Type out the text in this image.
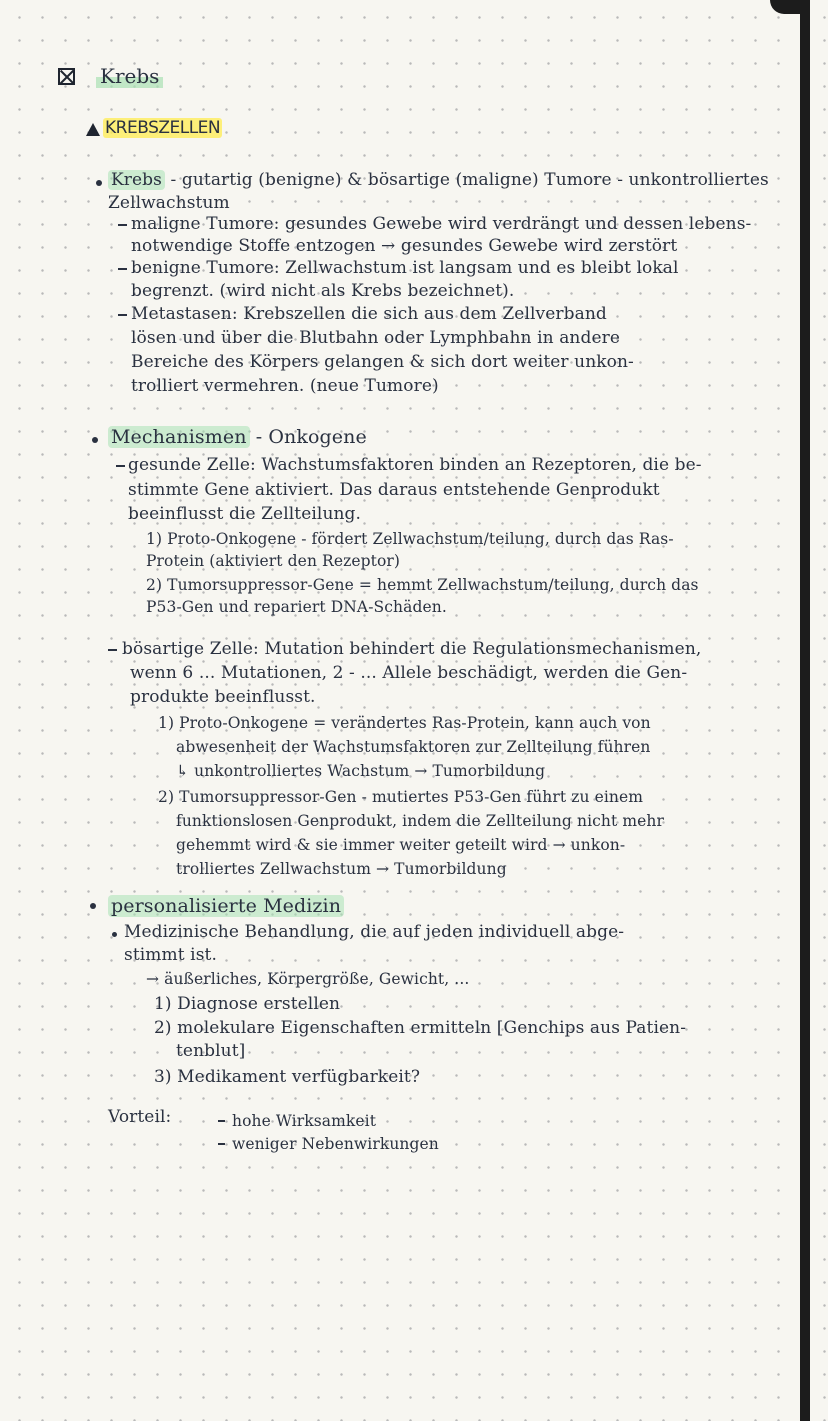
Krebs
KREBSZELLEN
Krebs - gutartig (benigne) & bösartige (maligne) Tumore - unkontrolliertes
Zellwachstum
maligne Tumore: gesundes Gewebe wird verdrängt und dessen lebens-
notwendige Stoffe entzogen → gesundes Gewebe wird zerstört
benigne Tumore: Zellwachstum ist langsam und es bleibt lokal
begrenzt. (wird nicht als Krebs bezeichnet).
Metastasen: Krebszellen die sich aus dem Zellverband
lösen und über die Blutbahn oder Lymphbahn in andere
Bereiche des Körpers gelangen & sich dort weiter unkon-
trolliert vermehren. (neue Tumore)
Mechanismen - Onkogene
gesunde Zelle: Wachstumsfaktoren binden an Rezeptoren, die be-
stimmte Gene aktiviert. Das daraus entstehende Genprodukt
beeinflusst die Zellteilung.
1) Proto-Onkogene - fördert Zellwachstum/teilung, durch das Ras-
Protein (aktiviert den Rezeptor)
2) Tumorsuppressor-Gene = hemmt Zellwachstum/teilung, durch das
P53-Gen und repariert DNA-Schäden.
bösartige Zelle: Mutation behindert die Regulationsmechanismen,
wenn 6 ... Mutationen, 2 - ... Allele beschädigt, werden die Gen-
produkte beeinflusst.
1) Proto-Onkogene = verändertes Ras-Protein, kann auch von
abwesenheit der Wachstumsfaktoren zur Zellteilung führen
↳ unkontrolliertes Wachstum → Tumorbildung
2) Tumorsuppressor-Gen - mutiertes P53-Gen führt zu einem
funktionslosen Genprodukt, indem die Zellteilung nicht mehr
gehemmt wird & sie immer weiter geteilt wird → unkon-
trolliertes Zellwachstum → Tumorbildung
personalisierte Medizin
Medizinische Behandlung, die auf jeden individuell abge-
stimmt ist.
→ äußerliches, Körpergröße, Gewicht, ...
1) Diagnose erstellen
2) molekulare Eigenschaften ermitteln [Genchips aus Patien-
tenblut]
3) Medikament verfügbarkeit?
Vorteil:	hohe Wirksamkeit
weniger Nebenwirkungen
